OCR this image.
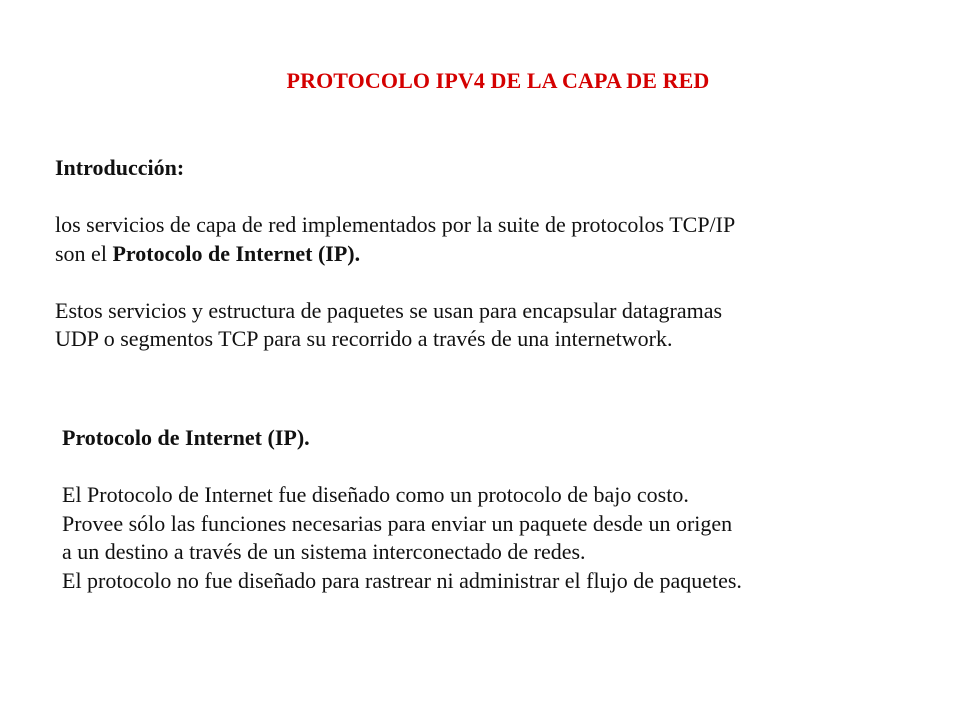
PROTOCOLO IPV4 DE LA CAPA DE RED

Introducción:

los servicios de capa de red implementados por la suite de protocolos TCP/IP

son el Protocolo de Internet (IP).

Estos servicios y estructura de paquetes se usan para encapsular datagramas

UDP o segmentos TCP para su recorrido a través de una internetwork.

Protocolo de Internet (IP).

El Protocolo de Internet fue diseñado como un protocolo de bajo costo.

Provee sólo las funciones necesarias para enviar un paquete desde un origen

a un destino a través de un sistema interconectado de redes.

El protocolo no fue diseñado para rastrear ni administrar el flujo de paquetes.
